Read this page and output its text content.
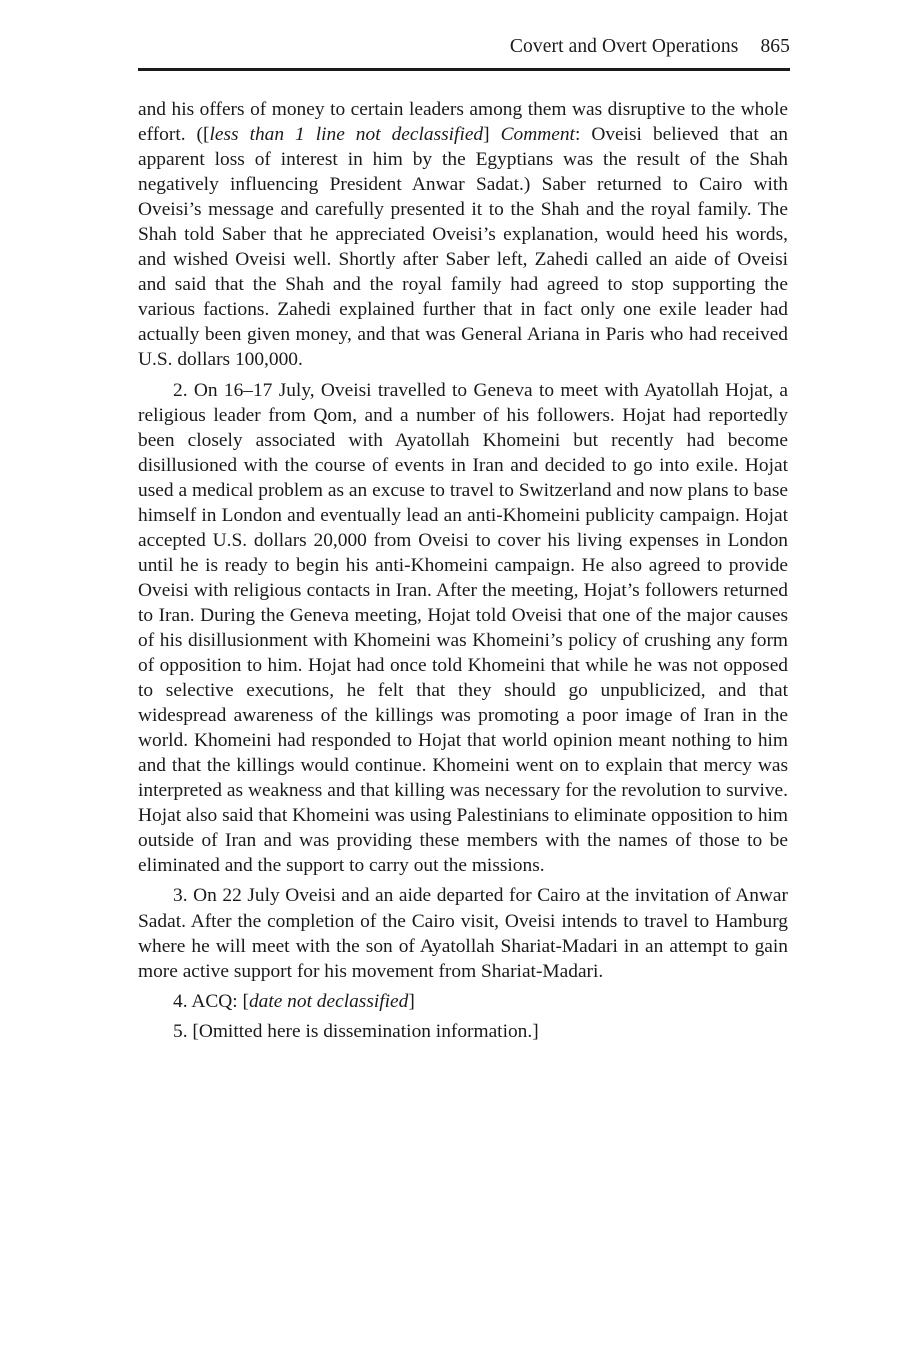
Covert and Overt Operations 865

and his offers of money to certain leaders among them was disruptive to the whole effort. ([less than 1 line not declassified] Comment: Oveisi believed that an apparent loss of interest in him by the Egyptians was the result of the Shah negatively influencing President Anwar Sadat.) Saber returned to Cairo with Oveisi’s message and carefully presented it to the Shah and the royal family. The Shah told Saber that he appreciated Oveisi’s explanation, would heed his words, and wished Oveisi well. Shortly after Saber left, Zahedi called an aide of Oveisi and said that the Shah and the royal family had agreed to stop supporting the various factions. Zahedi explained further that in fact only one exile leader had actually been given money, and that was General Ariana in Paris who had received U.S. dollars 100,000.

2. On 16–17 July, Oveisi travelled to Geneva to meet with Ayatollah Hojat, a religious leader from Qom, and a number of his followers. Hojat had reportedly been closely associated with Ayatollah Khomeini but recently had become disillusioned with the course of events in Iran and decided to go into exile. Hojat used a medical problem as an excuse to travel to Switzerland and now plans to base himself in London and eventually lead an anti-Khomeini publicity campaign. Hojat accepted U.S. dollars 20,000 from Oveisi to cover his living expenses in London until he is ready to begin his anti-Khomeini campaign. He also agreed to provide Oveisi with religious contacts in Iran. After the meeting, Hojat’s followers returned to Iran. During the Geneva meeting, Hojat told Oveisi that one of the major causes of his disillusionment with Khomeini was Khomeini’s policy of crushing any form of opposition to him. Hojat had once told Khomeini that while he was not opposed to selective executions, he felt that they should go unpublicized, and that widespread awareness of the killings was promoting a poor image of Iran in the world. Khomeini had responded to Hojat that world opinion meant nothing to him and that the killings would continue. Khomeini went on to explain that mercy was interpreted as weakness and that killing was necessary for the revolution to survive. Hojat also said that Khomeini was using Palestinians to eliminate opposition to him outside of Iran and was providing these members with the names of those to be eliminated and the support to carry out the missions.

3. On 22 July Oveisi and an aide departed for Cairo at the invitation of Anwar Sadat. After the completion of the Cairo visit, Oveisi intends to travel to Hamburg where he will meet with the son of Ayatollah Shariat-Madari in an attempt to gain more active support for his movement from Shariat-Madari.

4. ACQ: [date not declassified]

5. [Omitted here is dissemination information.]
